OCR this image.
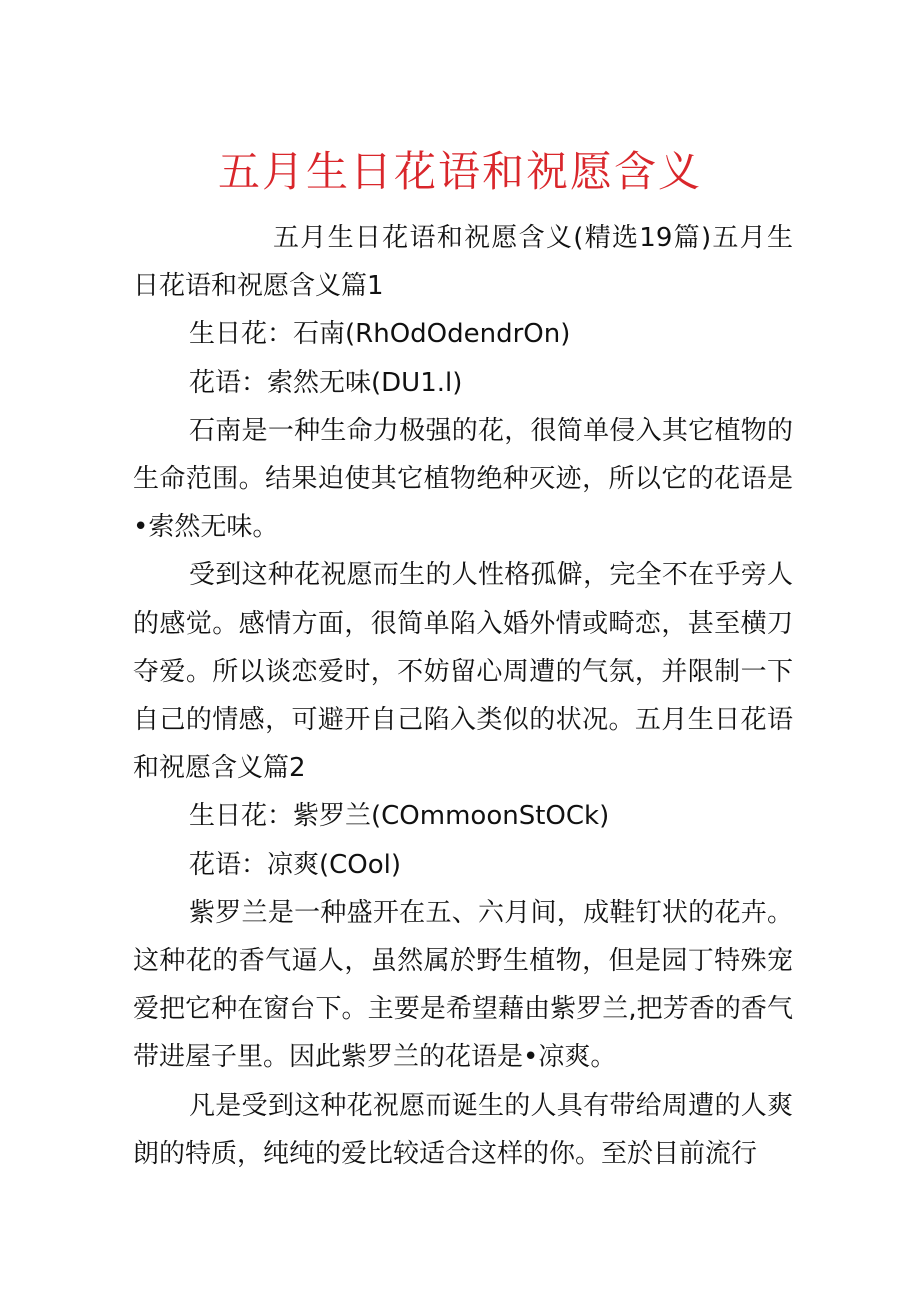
五月生日花语和祝愿含义

五月生日花语和祝愿含义(精选19篇)五月生日花语和祝愿含义篇1

生日花：石南(RhOdOdendrOn)

花语：索然无味(DU1.l)

石南是一种生命力极强的花，很简单侵入其它植物的生命范围。结果迫使其它植物绝种灭迹，所以它的花语是•索然无味。

受到这种花祝愿而生的人性格孤僻，完全不在乎旁人的感觉。感情方面，很简单陷入婚外情或畸恋，甚至横刀夺爱。所以谈恋爱时，不妨留心周遭的气氛，并限制一下自己的情感，可避开自己陷入类似的状况。五月生日花语和祝愿含义篇2

生日花：紫罗兰(COmmoonStOCk)

花语：凉爽(COol)

紫罗兰是一种盛开在五、六月间，成鞋钉状的花卉。这种花的香气逼人，虽然属於野生植物，但是园丁特殊宠爱把它种在窗台下。主要是希望藉由紫罗兰,把芳香的香气带进屋子里。因此紫罗兰的花语是•凉爽。

凡是受到这种花祝愿而诞生的人具有带给周遭的人爽朗的特质，纯纯的爱比较适合这样的你。至於目前流行
